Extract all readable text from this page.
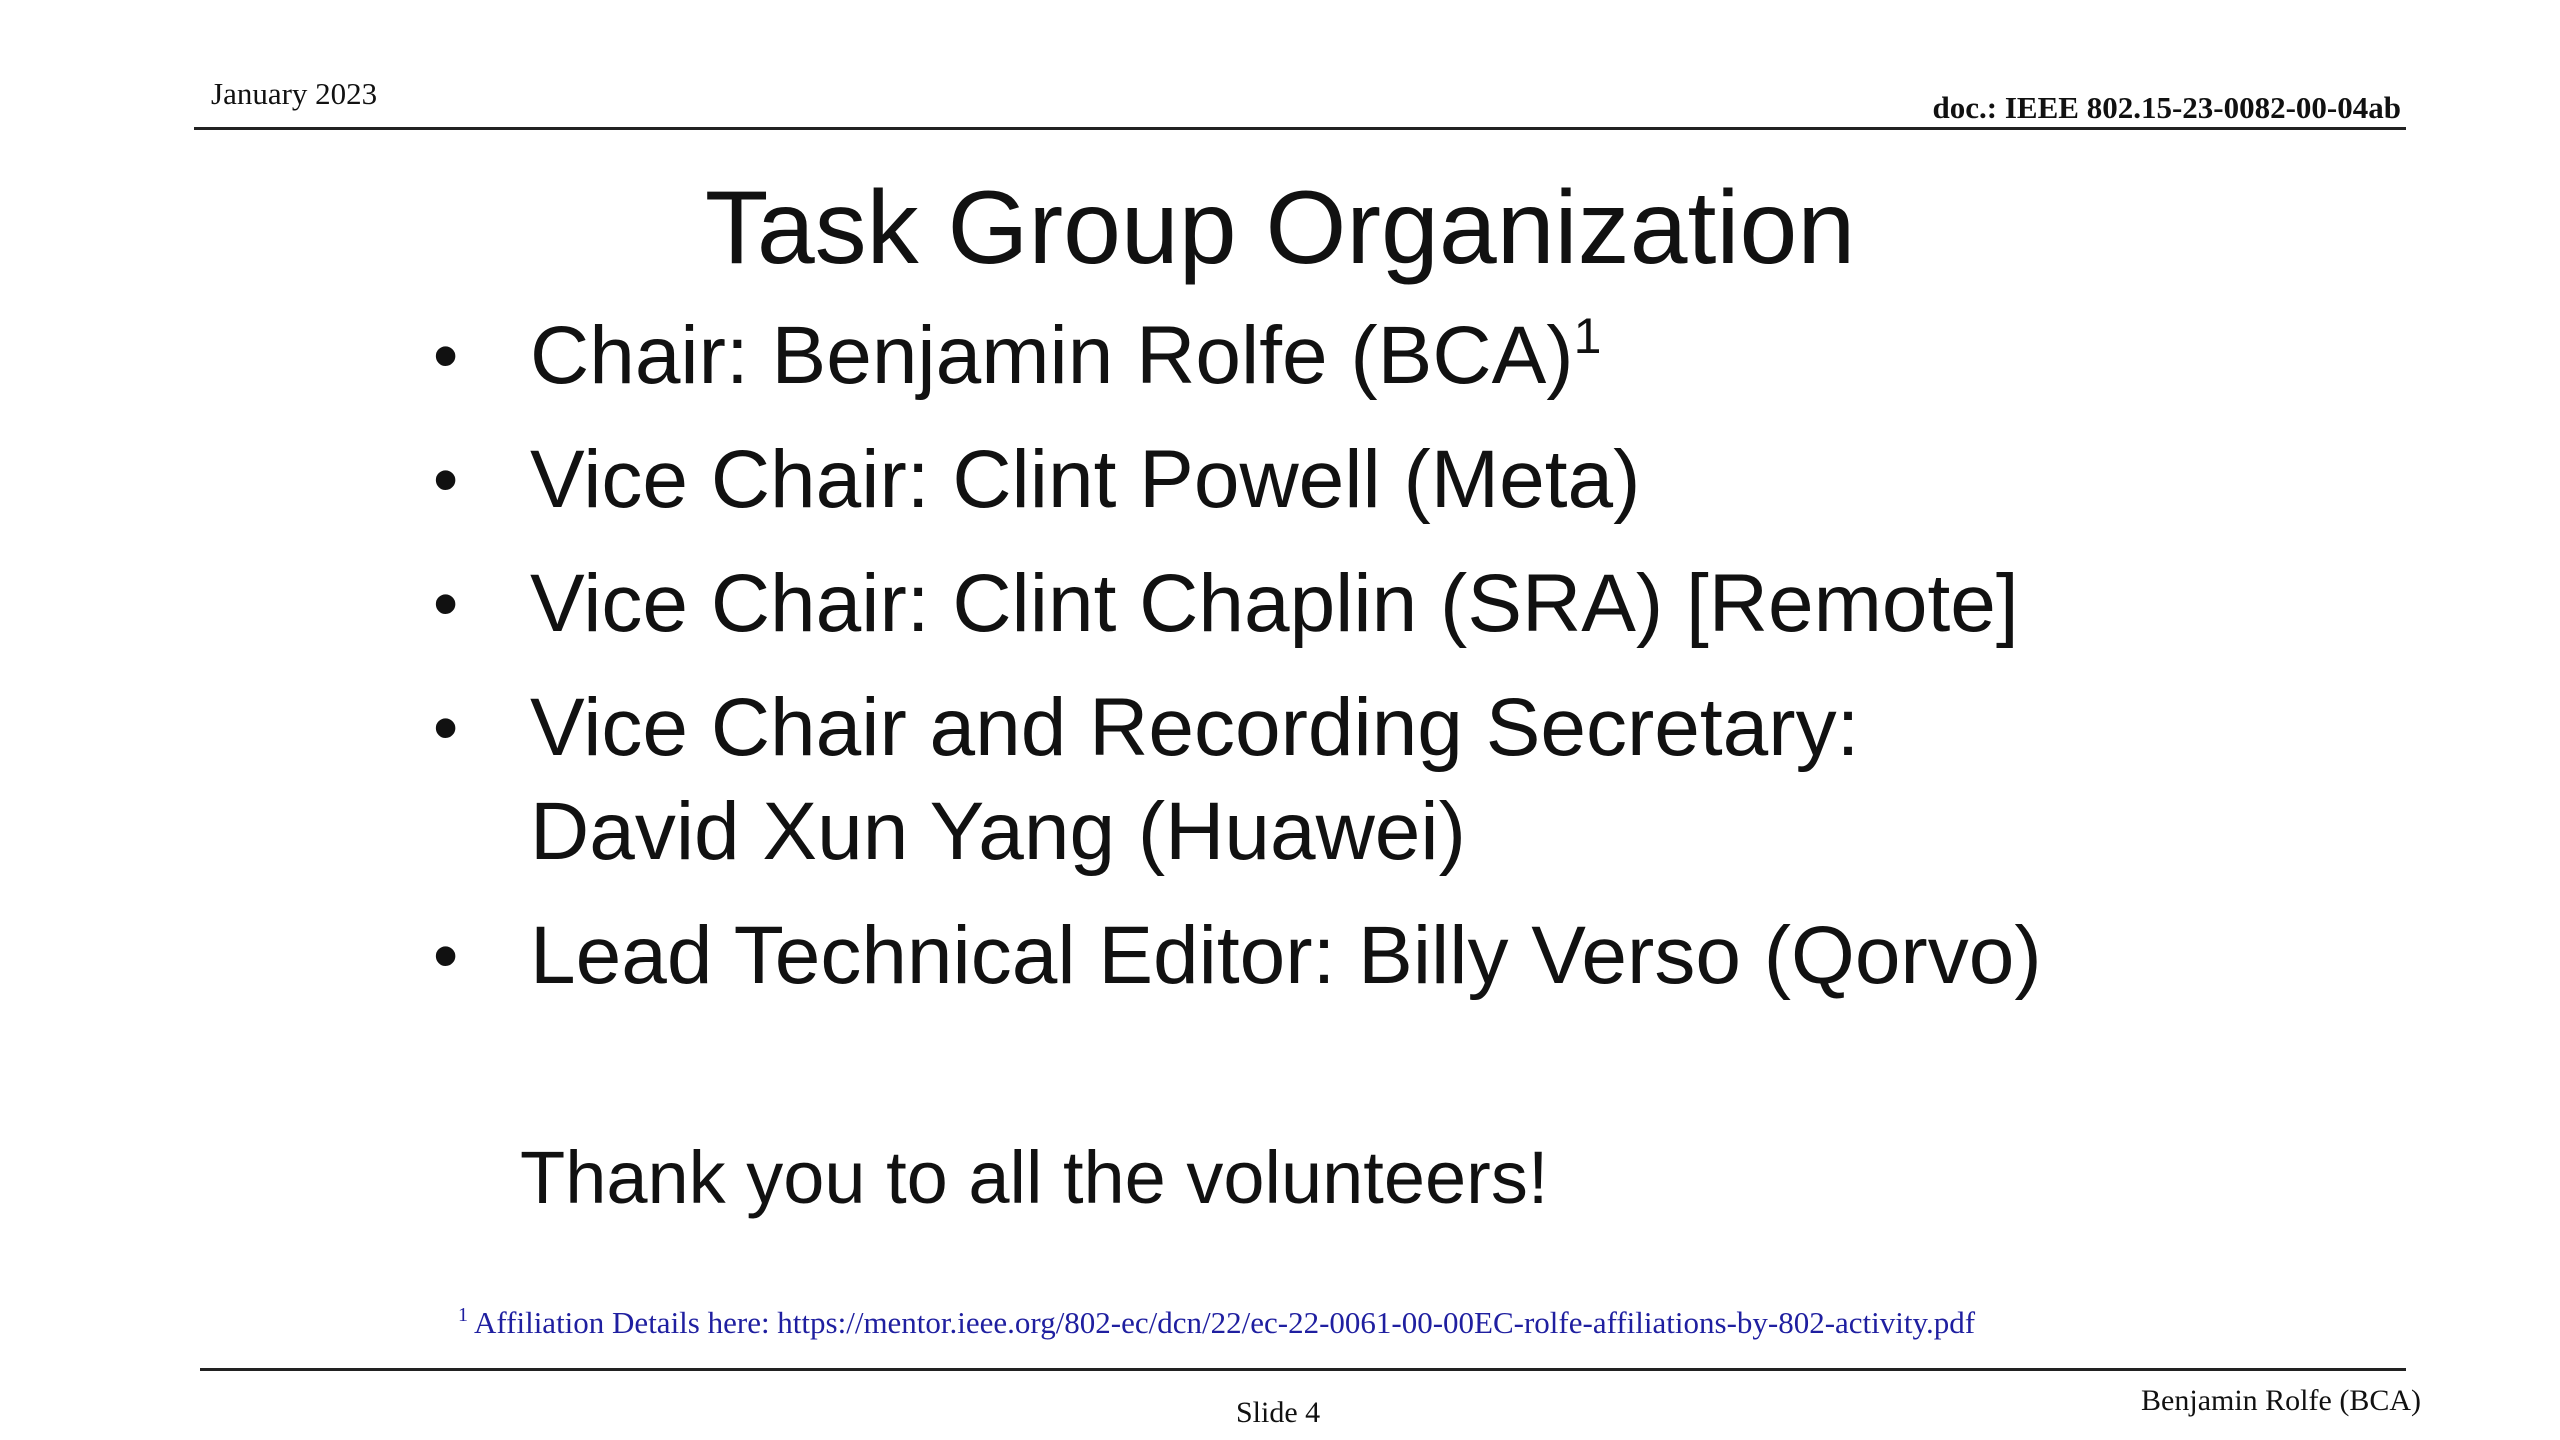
January 2023	doc.: IEEE 802.15-23-0082-00-04ab
Task Group Organization
• Chair: Benjamin Rolfe (BCA)$^1$
• Vice Chair: Clint Powell (Meta)
• Vice Chair: Clint Chaplin (SRA) [Remote]
• Vice Chair and Recording Secretary:
David Xun Yang (Huawei)
• Lead Technical Editor: Billy Verso (Qorvo)
Thank you to all the volunteers!
$^1$ Affiliation Details here: https://mentor.ieee.org/802-ec/dcn/22/ec-22-0061-00-00EC-rolfe-affiliations-by-802-activity.pdf
Slide 4	Benjamin Rolfe (BCA)
